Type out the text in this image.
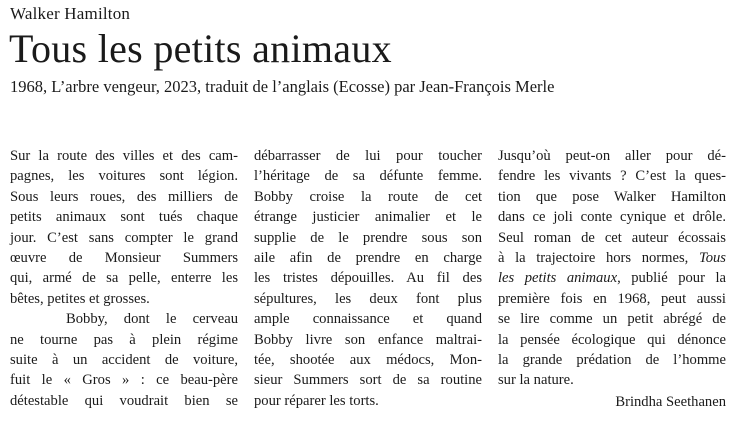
Walker Hamilton
Tous les petits animaux
1968, L’arbre vengeur, 2023, traduit de l’anglais (Ecosse) par Jean-François Merle
Sur la route des villes et des cam-
pagnes, les voitures sont légion.
Sous leurs roues, des milliers de
petits animaux sont tués chaque
jour. C’est sans compter le grand
œuvre de Monsieur Summers
qui, armé de sa pelle, enterre les
bêtes, petites et grosses.
Bobby, dont le cerveau
ne tourne pas à plein régime
suite à un accident de voiture,
fuit le « Gros » : ce beau-père
détestable qui voudrait bien se
débarrasser de lui pour toucher
l’héritage de sa défunte femme.
Bobby croise la route de cet
étrange justicier animalier et le
supplie de le prendre sous son
aile afin de prendre en charge
les tristes dépouilles. Au fil des
sépultures, les deux font plus
ample connaissance et quand
Bobby livre son enfance maltrai-
tée, shootée aux médocs, Mon-
sieur Summers sort de sa routine
pour réparer les torts.
Jusqu’où peut-on aller pour dé-
fendre les vivants ? C’est la ques-
tion que pose Walker Hamilton
dans ce joli conte cynique et drôle.
Seul roman de cet auteur écossais
à la trajectoire hors normes, Tous
les petits animaux, publié pour la
première fois en 1968, peut aussi
se lire comme un petit abrégé de
la pensée écologique qui dénonce
la grande prédation de l’homme
sur la nature.
Brindha Seethanen
